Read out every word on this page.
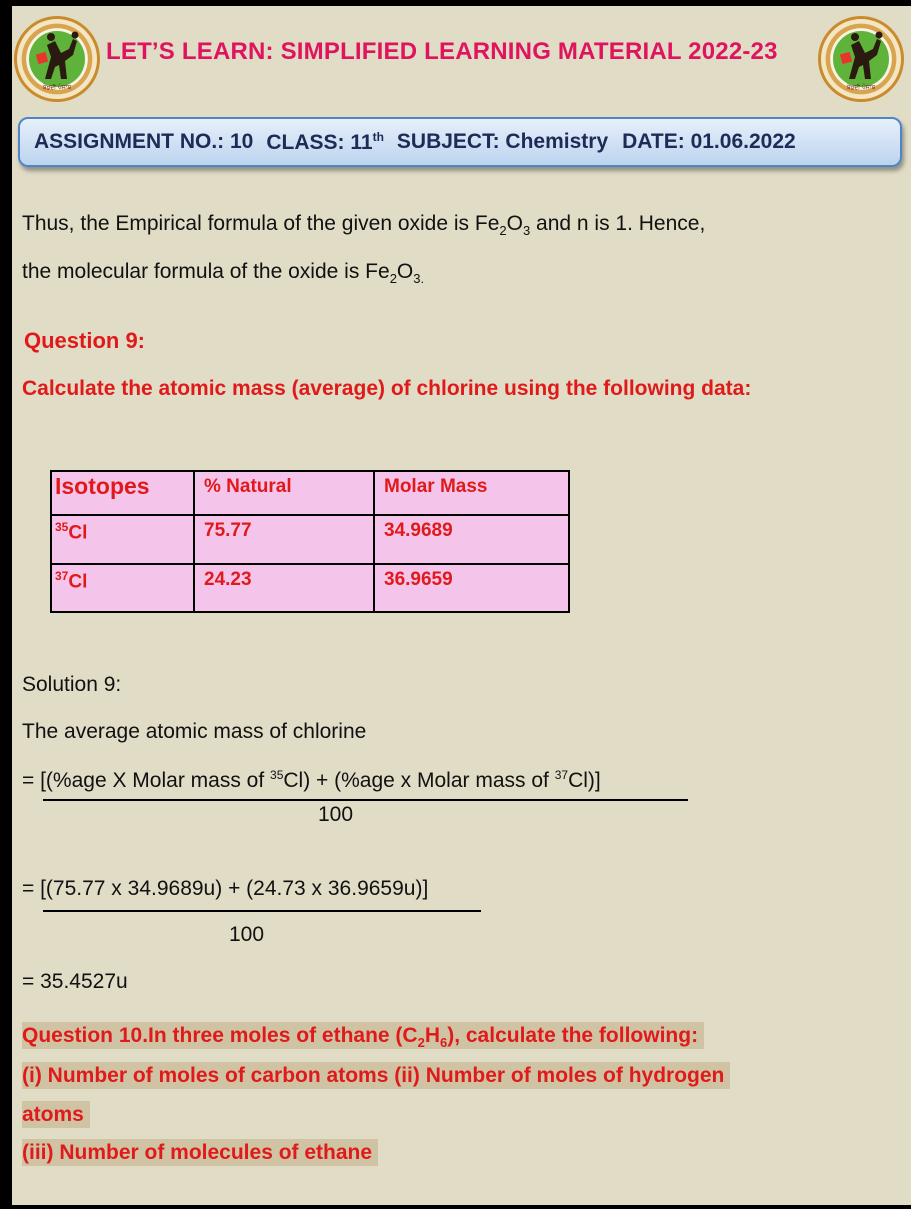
ਬੇਖੁਦੀ ਪੰਜਾਬ
LET’S LEARN: SIMPLIFIED LEARNING MATERIAL 2022-23
ਬੇਖੁਦੀ ਪੰਜਾਬ
ASSIGNMENT NO.: 10 CLASS: 11th SUBJECT: Chemistry DATE: 01.06.2022
Thus, the Empirical formula of the given oxide is $Fe_2O_3$ and n is 1. Hence,
the molecular formula of the oxide is $Fe_2O_{3.}$
Question 9:
Calculate the atomic mass (average) of chlorine using the following data:
Isotopes	% Natural	Molar Mass
$^{35}$Cl	75.77	34.9689
$^{37}$Cl	24.23	36.9659
Solution 9:
The average atomic mass of chlorine
= [(%age X Molar mass of $^{35}$Cl) + (%age x Molar mass of $^{37}$Cl)]
100
= [(75.77 x 34.9689u) + (24.73 x 36.9659u)]
100
= 35.4527u
Question 10.In three moles of ethane $(C_2H_6)$, calculate the following:
(i) Number of moles of carbon atoms (ii) Number of moles of hydrogen
atoms
(iii) Number of molecules of ethane
